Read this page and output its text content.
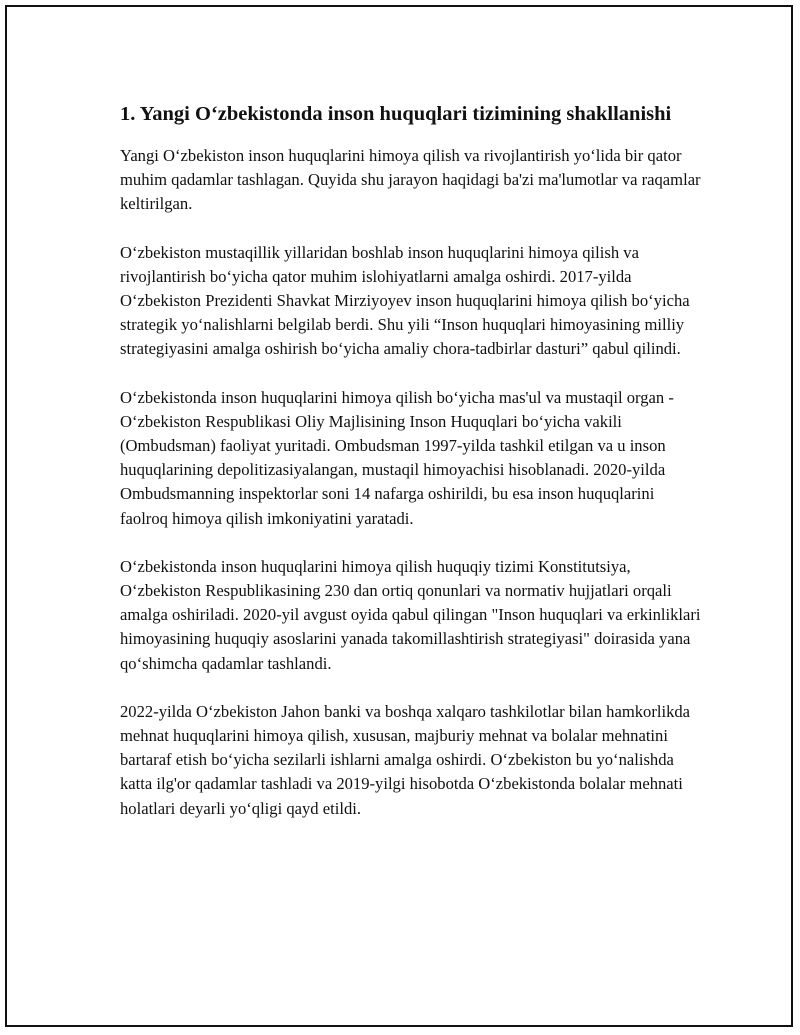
1. Yangi O‘zbekistonda inson huquqlari tizimining shakllanishi

Yangi O‘zbekiston inson huquqlarini himoya qilish va rivojlantirish yo‘lida bir qator muhim qadamlar tashlagan. Quyida shu jarayon haqidagi ba'zi ma'lumotlar va raqamlar keltirilgan.

O‘zbekiston mustaqillik yillaridan boshlab inson huquqlarini himoya qilish va rivojlantirish bo‘yicha qator muhim islohiyatlarni amalga oshirdi. 2017-yilda O‘zbekiston Prezidenti Shavkat Mirziyoyev inson huquqlarini himoya qilish bo‘yicha strategik yo‘nalishlarni belgilab berdi. Shu yili “Inson huquqlari himoyasining milliy strategiyasini amalga oshirish bo‘yicha amaliy chora-tadbirlar dasturi” qabul qilindi.

O‘zbekistonda inson huquqlarini himoya qilish bo‘yicha mas'ul va mustaqil organ - O‘zbekiston Respublikasi Oliy Majlisining Inson Huquqlari bo‘yicha vakili (Ombudsman) faoliyat yuritadi. Ombudsman 1997-yilda tashkil etilgan va u inson huquqlarining depolitizasiyalangan, mustaqil himoyachisi hisoblanadi. 2020-yilda Ombudsmanning inspektorlar soni 14 nafarga oshirildi, bu esa inson huquqlarini faolroq himoya qilish imkoniyatini yaratadi.

O‘zbekistonda inson huquqlarini himoya qilish huquqiy tizimi Konstitutsiya, O‘zbekiston Respublikasining 230 dan ortiq qonunlari va normativ hujjatlari orqali amalga oshiriladi. 2020-yil avgust oyida qabul qilingan "Inson huquqlari va erkinliklari himoyasining huquqiy asoslarini yanada takomillashtirish strategiyasi" doirasida yana qo‘shimcha qadamlar tashlandi.

2022-yilda O‘zbekiston Jahon banki va boshqa xalqaro tashkilotlar bilan hamkorlikda mehnat huquqlarini himoya qilish, xususan, majburiy mehnat va bolalar mehnatini bartaraf etish bo‘yicha sezilarli ishlarni amalga oshirdi. O‘zbekiston bu yo‘nalishda katta ilg'or qadamlar tashladi va 2019-yilgi hisobotda O‘zbekistonda bolalar mehnati holatlari deyarli yo‘qligi qayd etildi.
